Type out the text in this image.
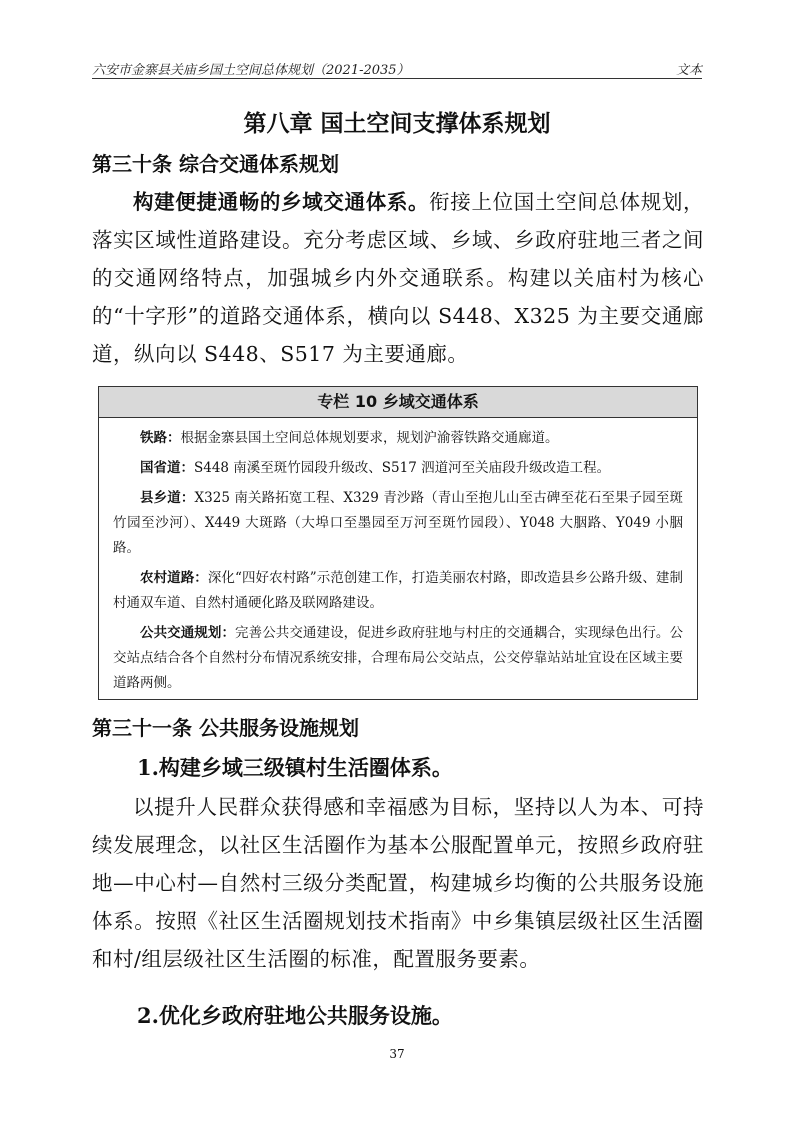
六安市金寨县关庙乡国土空间总体规划（2021-2035）	文本
第八章 国土空间支撑体系规划
第三十条 综合交通体系规划
构建便捷通畅的乡域交通体系。衔接上位国土空间总体规划，落实区域性道路建设。充分考虑区域、乡域、乡政府驻地三者之间的交通网络特点，加强城乡内外交通联系。构建以关庙村为核心的“十字形”的道路交通体系，横向以 S448、X325 为主要交通廊道，纵向以 S448、S517 为主要通廊。
专栏 10 乡域交通体系

铁路：根据金寨县国土空间总体规划要求，规划沪渝蓉铁路交通廊道。

国省道：S448 南溪至斑竹园段升级改、S517 泗道河至关庙段升级改造工程。

县乡道：X325 南关路拓宽工程、X329 青沙路（青山至抱儿山至古碑至花石至果子园至斑竹园至沙河）、X449 大斑路（大埠口至墨园至万河至斑竹园段）、Y048 大胭路、Y049 小胭路。

农村道路：深化“四好农村路”示范创建工作，打造美丽农村路，即改造县乡公路升级、建制村通双车道、自然村通硬化路及联网路建设。

公共交通规划：完善公共交通建设，促进乡政府驻地与村庄的交通耦合，实现绿色出行。公交站点结合各个自然村分布情况系统安排，合理布局公交站点，公交停靠站站址宜设在区域主要道路两侧。

第三十一条 公共服务设施规划
1.构建乡域三级镇村生活圈体系。
以提升人民群众获得感和幸福感为目标，坚持以人为本、可持续发展理念，以社区生活圈作为基本公服配置单元，按照乡政府驻地—中心村—自然村三级分类配置，构建城乡均衡的公共服务设施体系。按照《社区生活圈规划技术指南》中乡集镇层级社区生活圈和村/组层级社区生活圈的标准，配置服务要素。
2.优化乡政府驻地公共服务设施。
37
